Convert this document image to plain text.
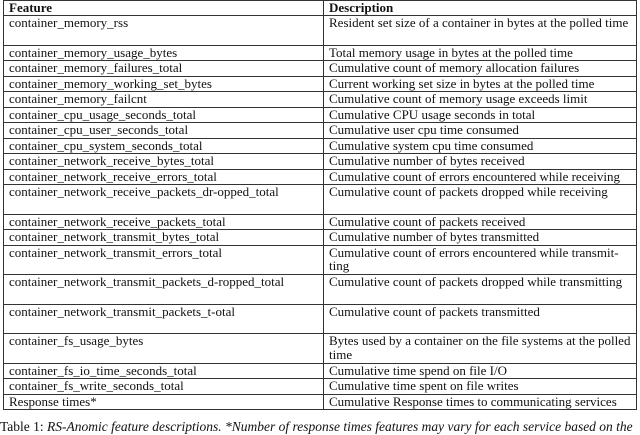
Feature	Description
container_memory_rss	Resident set size of a container in bytes at the polled time
container_memory_usage_bytes	Total memory usage in bytes at the polled time
container_memory_failures_total	Cumulative count of memory allocation failures
container_memory_working_set_bytes	Current working set size in bytes at the polled time
container_memory_failcnt	Cumulative count of memory usage exceeds limit
container_cpu_usage_seconds_total	Cumulative CPU usage seconds in total
container_cpu_user_seconds_total	Cumulative user cpu time consumed
container_cpu_system_seconds_total	Cumulative system cpu time consumed
container_network_receive_bytes_total	Cumulative number of bytes received
container_network_receive_errors_total	Cumulative count of errors encountered while receiving
container_network_receive_packets_dr-opped_total	Cumulative count of packets dropped while receiving
container_network_receive_packets_total	Cumulative count of packets received
container_network_transmit_bytes_total	Cumulative number of bytes transmitted
container_network_transmit_errors_total	Cumulative count of errors encountered while transmit-ting
container_network_transmit_packets_d-ropped_total	Cumulative count of packets dropped while transmitting
container_network_transmit_packets_t-otal	Cumulative count of packets transmitted
container_fs_usage_bytes	Bytes used by a container on the file systems at the polled time
container_fs_io_time_seconds_total	Cumulative time spend on file I/O
container_fs_write_seconds_total	Cumulative time spent on file writes
Response times*	Cumulative Response times to communicating services
Table 1: RS-Anomic feature descriptions. *Number of response times features may vary for each service based on the
